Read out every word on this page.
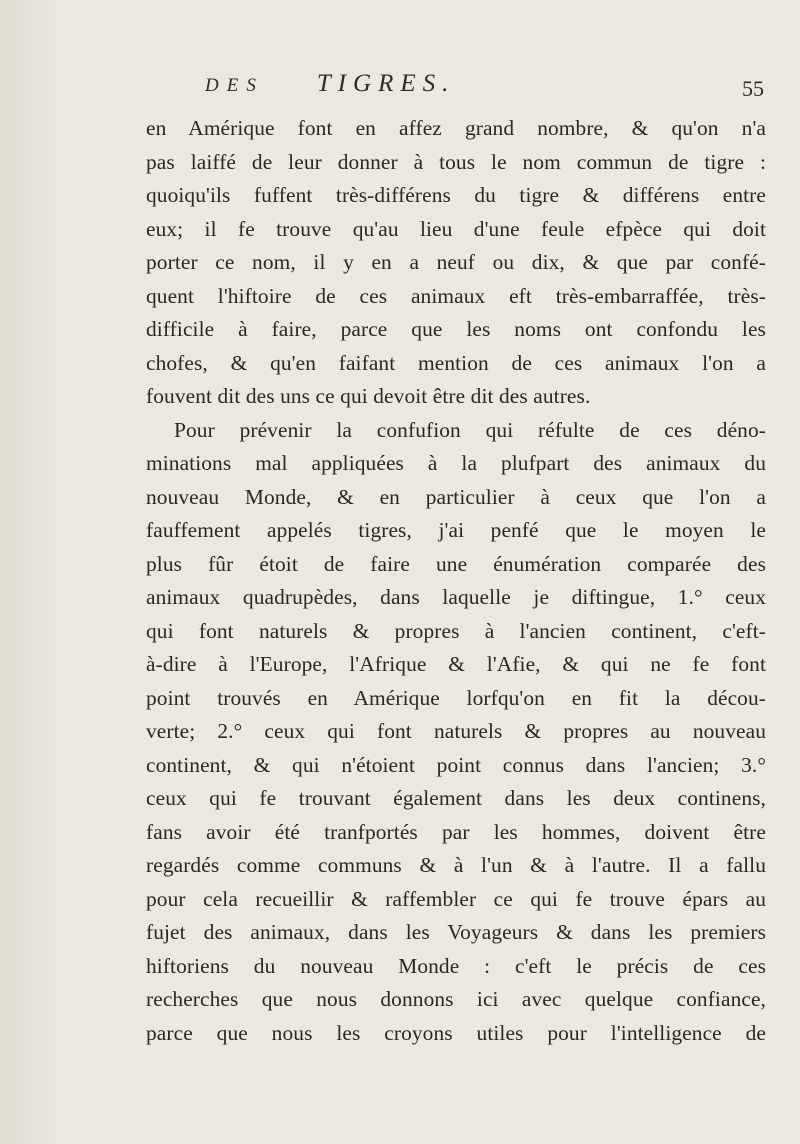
DES TIGRES.	55
en Amérique font en affez grand nombre, & qu'on n'a
pas laiffé de leur donner à tous le nom commun de tigre :
quoiqu'ils fuffent très-différens du tigre & différens entre
eux; il fe trouve qu'au lieu d'une feule efpèce qui doit
porter ce nom, il y en a neuf ou dix, & que par confé-
quent l'hiftoire de ces animaux eft très-embarraffée, très-
difficile à faire, parce que les noms ont confondu les
chofes, & qu'en faifant mention de ces animaux l'on a
fouvent dit des uns ce qui devoit être dit des autres.
Pour prévenir la confufion qui réfulte de ces déno-
minations mal appliquées à la plufpart des animaux du
nouveau Monde, & en particulier à ceux que l'on a
fauffement appelés tigres, j'ai penfé que le moyen le
plus fûr étoit de faire une énumération comparée des
animaux quadrupèdes, dans laquelle je diftingue, 1.° ceux
qui font naturels & propres à l'ancien continent, c'eft-
à-dire à l'Europe, l'Afrique & l'Afie, & qui ne fe font
point trouvés en Amérique lorfqu'on en fit la décou-
verte; 2.° ceux qui font naturels & propres au nouveau
continent, & qui n'étoient point connus dans l'ancien; 3.°
ceux qui fe trouvant également dans les deux continens,
fans avoir été tranfportés par les hommes, doivent être
regardés comme communs & à l'un & à l'autre. Il a fallu
pour cela recueillir & raffembler ce qui fe trouve épars au
fujet des animaux, dans les Voyageurs & dans les premiers
hiftoriens du nouveau Monde : c'eft le précis de ces
recherches que nous donnons ici avec quelque confiance,
parce que nous les croyons utiles pour l'intelligence de
